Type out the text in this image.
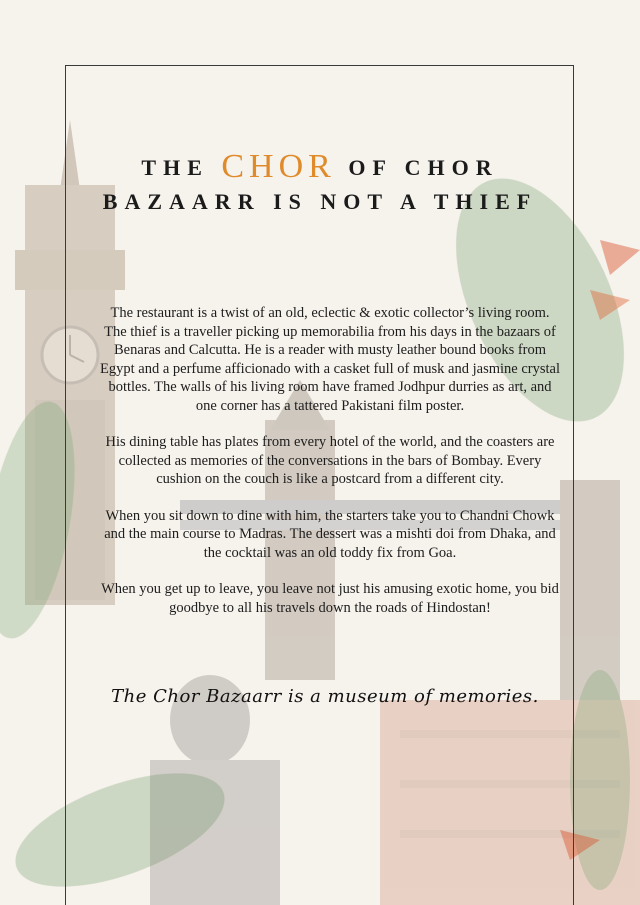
THE CHOR OF CHOR BAZAARR IS NOT A THIEF

The restaurant is a twist of an old, eclectic & exotic collector’s living room. The thief is a traveller picking up memorabilia from his days in the bazaars of Benaras and Calcutta. He is a reader with musty leather bound books from Egypt and a perfume afficionado with a casket full of musk and jasmine crystal bottles. The walls of his living room have framed Jodhpur durries as art, and one corner has a tattered Pakistani film poster.

His dining table has plates from every hotel of the world, and the coasters are collected as memories of the conversations in the bars of Bombay. Every cushion on the couch is like a postcard from a different city.

When you sit down to dine with him, the starters take you to Chandni Chowk and the main course to Madras. The dessert was a mishti doi from Dhaka, and the cocktail was an old toddy fix from Goa.

When you get up to leave, you leave not just his amusing exotic home, you bid goodbye to all his travels down the roads of Hindostan!

The Chor Bazaarr is a museum of memories.
